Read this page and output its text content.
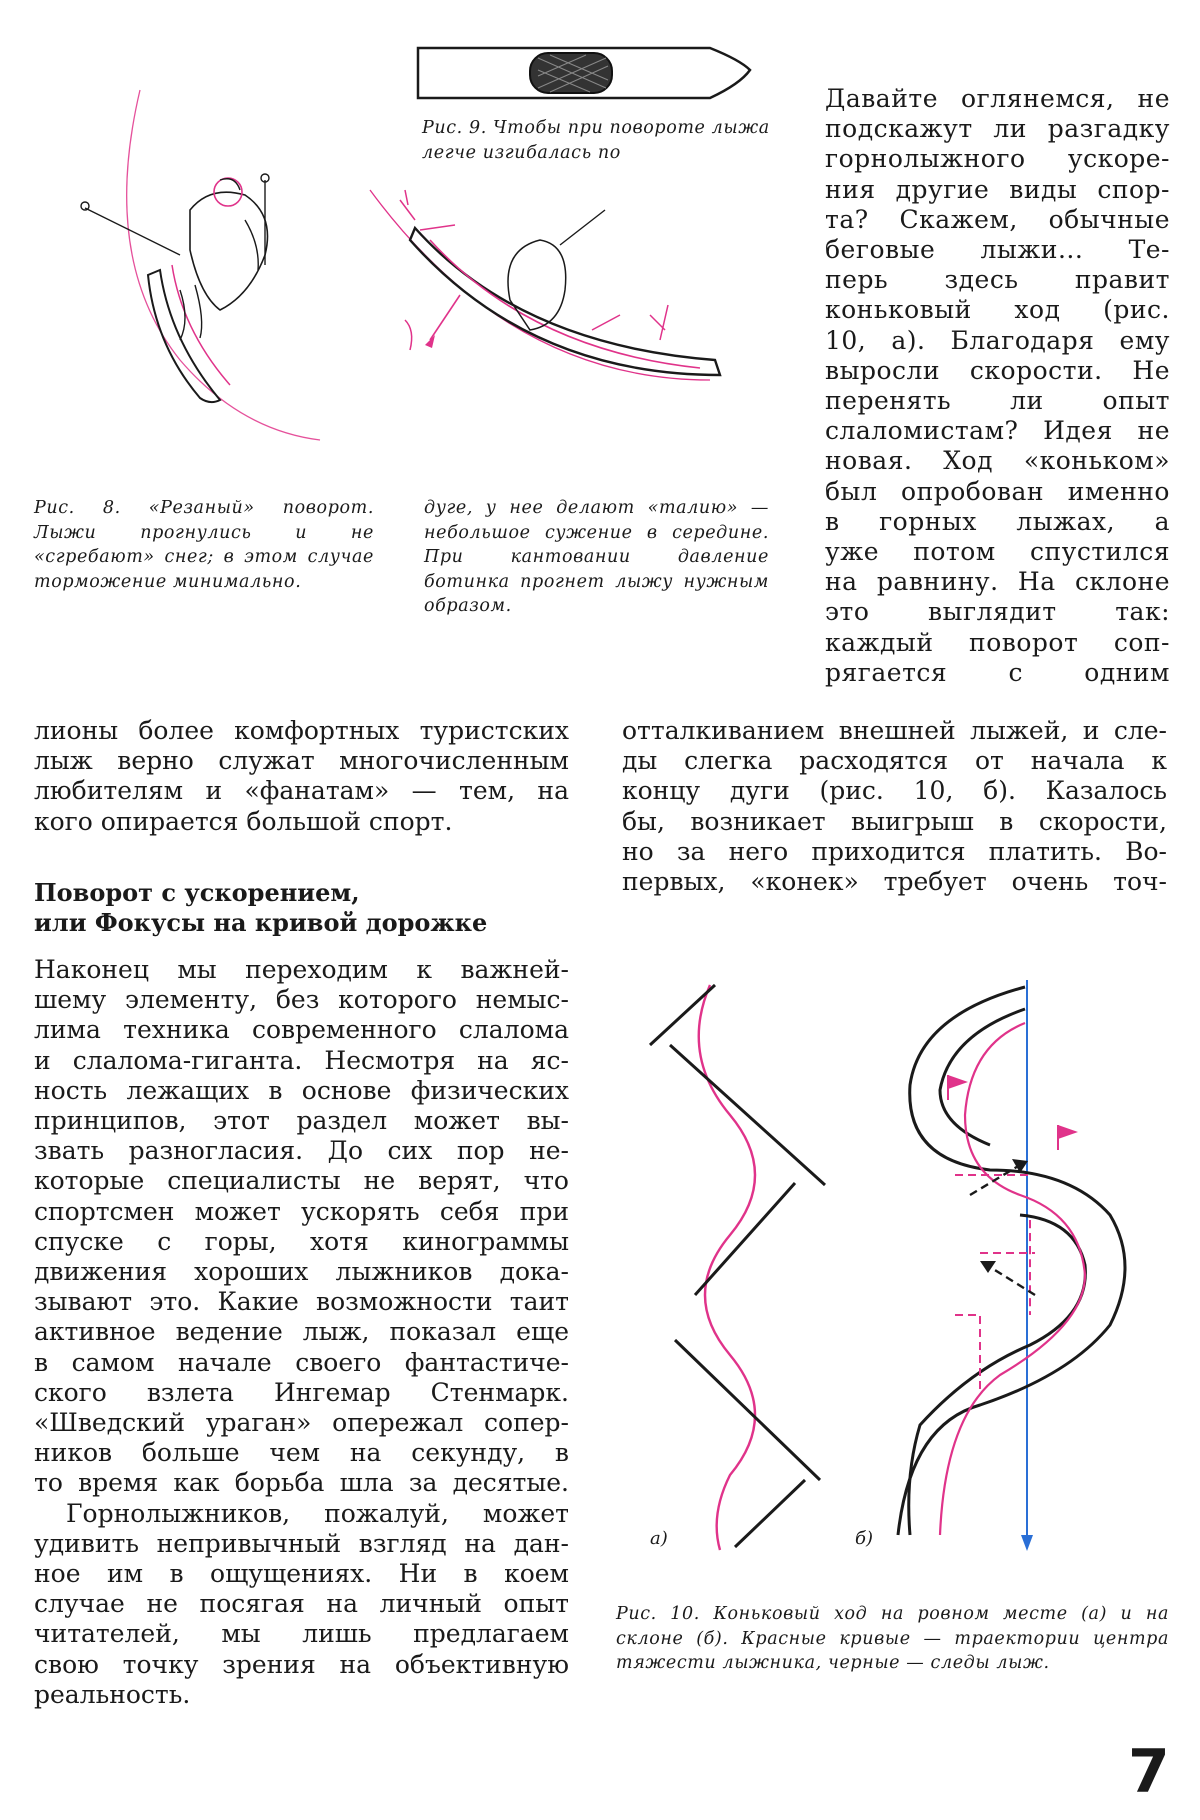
Рис. 9. Чтобы при повороте лыжа легче изгибалась по
Рис. 8. «Резаный» поворот. Лыжи прогнулись и не «сгребают» снег; в этом случае торможение минимально.
дуге, у нее делают «талию» — небольшое сужение в середине. При кантовании давление ботинка прогнет лыжу нужным образом.
Давайте оглянемся, не
подскажут ли разгадку
горнолыжного ускоре-
ния другие виды спор-
та? Скажем, обычные
беговые лыжи... Те-
перь здесь правит
коньковый ход (рис.
10, а). Благодаря ему
выросли скорости. Не
перенять ли опыт
слаломистам? Идея не
новая. Ход «коньком»
был опробован именно
в горных лыжах, а
уже потом спустился
на равнину. На склоне
это выглядит так:
каждый поворот соп-
рягается с одним
лионы более комфортных туристских
лыж верно служат многочисленным
любителям и «фанатам» — тем, на
кого опирается большой спорт.
Поворот с ускорением,
или Фокусы на кривой дорожке
Наконец мы переходим к важней-
шему элементу, без которого немыс-
лима техника современного слалома
и слалома-гиганта. Несмотря на яс-
ность лежащих в основе физических
принципов, этот раздел может вы-
звать разногласия. До сих пор не-
которые специалисты не верят, что
спортсмен может ускорять себя при
спуске с горы, хотя кинограммы
движения хороших лыжников дока-
зывают это. Какие возможности таит
активное ведение лыж, показал еще
в самом начале своего фантастиче-
ского взлета Ингемар Стенмарк.
«Шведский ураган» опережал сопер-
ников больше чем на секунду, в
то время как борьба шла за десятые.
Горнолыжников, пожалуй, может
удивить непривычный взгляд на дан-
ное им в ощущениях. Ни в коем
случае не посягая на личный опыт
читателей, мы лишь предлагаем
свою точку зрения на объективную
реальность.
отталкиванием внешней лыжей, и сле-
ды слегка расходятся от начала к
концу дуги (рис. 10, б). Казалось
бы, возникает выигрыш в скорости,
но за него приходится платить. Во-
первых, «конек» требует очень точ-
а)	б)
Рис. 10. Коньковый ход на ровном месте (а) и на склоне (б). Красные кривые — траектории центра тяжести лыжника, черные — следы лыж.
7
